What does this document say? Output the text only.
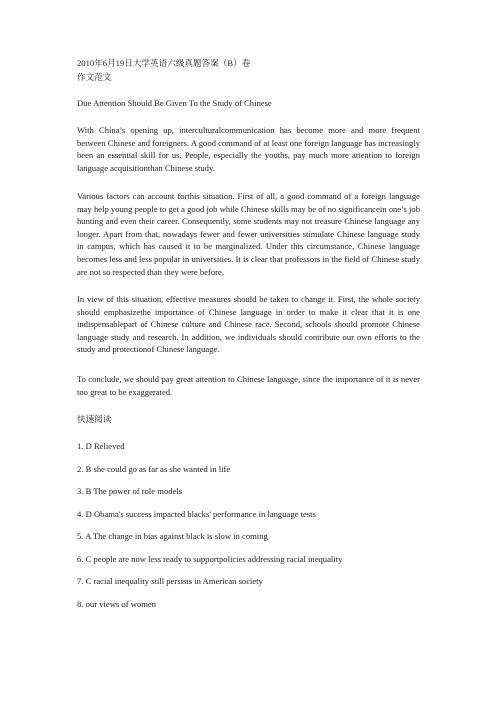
2010年6月19日大学英语六级真题答案（B）卷
作文范文
Due Attention Should Be Given To the Study of Chinese
With China’s opening up, interculturalcommunication has become more and more frequent between Chinese and foreigners. A good command of at least one foreign language has increasingly been an essential skill for us. People, especially the youths, pay much more attention to foreign language acquisitionthan Chinese study.
Various factors can account forthis situation. First of all, a good command of a foreign language may help young people to get a good job while Chinese skills may be of no significancein one’s job hunting and even their career. Consequently, some students may not treasure Chinese language any longer. Apart from that, nowadays fewer and fewer universities stimulate Chinese language study in campus, which has caused it to be marginalized. Under this circumstance, Chinese language becomes less and less popular in universities. It is clear that professors in the field of Chinese study are not so respected than they were before.
In view of this situation, effective measures should be taken to change it. First, the whole society should emphasizethe importance of Chinese language in order to make it clear that it is one indispensablepart of Chinese culture and Chinese race. Second, schools should promote Chinese language study and research. In addition, we individuals should contribute our own efforts to the study and protectionof Chinese language.
To conclude, we should pay great attention to Chinese language, since the importance of it is never too great to be exaggerated.
快速阅读
1. D Relieved
2. B she could go as far as she wanted in life
3. B The power of role models
4. D Obama's success impacted blacks' performance in language tests
5. A The change in bias against black is slow in coming
6. C people are now less ready to supportpolicies addressing racial inequality
7. C racial inequality still persists in American society
8. our views of women
